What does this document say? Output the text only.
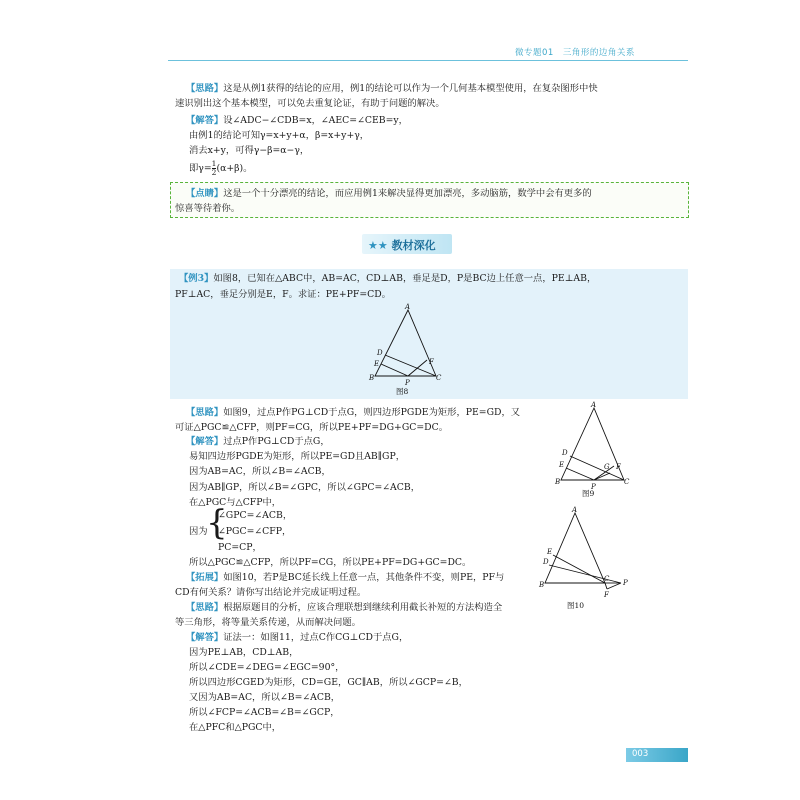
微专题01　三角形的边角关系
【思路】这是从例1获得的结论的应用，例1的结论可以作为一个几何基本模型使用，在复杂图形中快
速识别出这个基本模型，可以免去重复论证，有助于问题的解决。
【解答】设∠ADC−∠CDB=x，∠AEC=∠CEB=y，
由例1的结论可知γ=x+y+α，β=x+y+γ，
消去x+y，可得γ−β=α−γ，
即$\gamma= \frac{1}{2} (\alpha+\beta)$。
【点睛】这是一个十分漂亮的结论，而应用例1来解决显得更加漂亮，多动脑筋，数学中会有更多的
惊喜等待着你。
★★ 教材深化
【例3】如图8，已知在△ABC中，AB=AC，CD⊥AB，垂足是D，P是BC边上任意一点，PE⊥AB，
PF⊥AC，垂足分别是E，F。求证：PE+PF=CD。
A
D
E	F
B
P
C
图8
【思路】如图9，过点P作PG⊥CD于点G，则四边形PGDE为矩形，PE=GD，又
可证△PGC≌△CFP，则PF=CG，所以PE+PF=DG+GC=DC。
【解答】过点P作PG⊥CD于点G，
易知四边形PGDE为矩形，所以PE=GD且AB∥GP，
因为AB=AC，所以∠B=∠ACB，
因为AB∥GP，所以∠B=∠GPC，所以∠GPC=∠ACB，
在△PGC与△CFP中，
因为
{
∠GPC=∠ACB，
∠PGC=∠CFP，
PC=CP，
所以△PGC≌△CFP，所以PF=CG，所以PE+PF=DG+GC=DC。
A
D
E	G F
B
P
C
图9
【拓展】如图10，若P是BC延长线上任意一点，其他条件不变，则PE，PF与
CD有何关系？请你写出结论并完成证明过程。
A
E
D
C
B	P
F
图10
【思路】根据原题目的分析，应该合理联想到继续利用截长补短的方法构造全
等三角形，将等量关系传递，从而解决问题。
【解答】证法一：如图11，过点C作CG⊥CD于点G，
因为PE⊥AB，CD⊥AB，
所以∠CDE=∠DEG=∠EGC=90°，
所以四边形CGED为矩形，CD=GE，GC∥AB，所以∠GCP=∠B，
又因为AB=AC，所以∠B=∠ACB，
所以∠FCP=∠ACB=∠B=∠GCP，
在△PFC和△PGC中，
003
